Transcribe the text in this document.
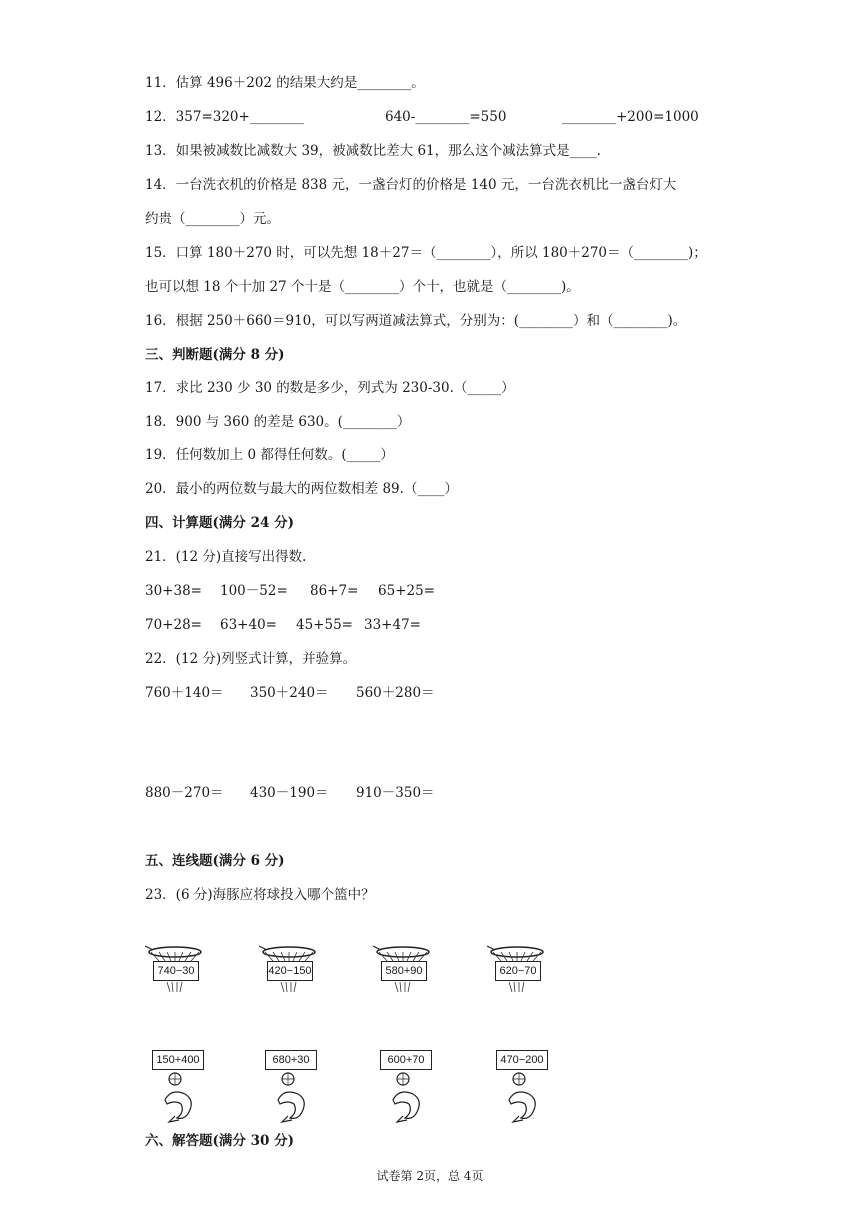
11．估算 496＋202 的结果大约是________。
12．357=320+________	640-________=550	________+200=1000
13．如果被减数比减数大 39，被减数比差大 61，那么这个减法算式是____.
14．一台洗衣机的价格是 838 元，一盏台灯的价格是 140 元，一台洗衣机比一盏台灯大
约贵（________）元。
15．口算 180＋270 时，可以先想 18＋27＝（________），所以 180＋270＝（________)；
也可以想 18 个十加 27 个十是（________）个十，也就是（________)。
16．根据 250＋660＝910，可以写两道减法算式，分别为：(________）和（________)。
三、判断题(满分 8 分)
17．求比 230 少 30 的数是多少，列式为 230-30.（_____）
18．900 与 360 的差是 630。(________）
19．任何数加上 0 都得任何数。(_____）
20．最小的两位数与最大的两位数相差 89.（____）
四、计算题(满分 24 分)
21．(12 分)直接写出得数.
30+38= 100－52= 86+7= 65+25=
70+28= 63+40= 45+55= 33+47=
22．(12 分)列竖式计算，并验算。
760＋140＝ 350＋240＝ 560＋280＝
880－270＝ 430－190＝ 910－350＝
五、连线题(满分 6 分)
23．(6 分)海豚应将球投入哪个篮中？
740−30	420−150	580+90	620−70
150+400	680+30	600+70	470−200
六、解答题(满分 30 分)
试卷第 2页，总 4页
